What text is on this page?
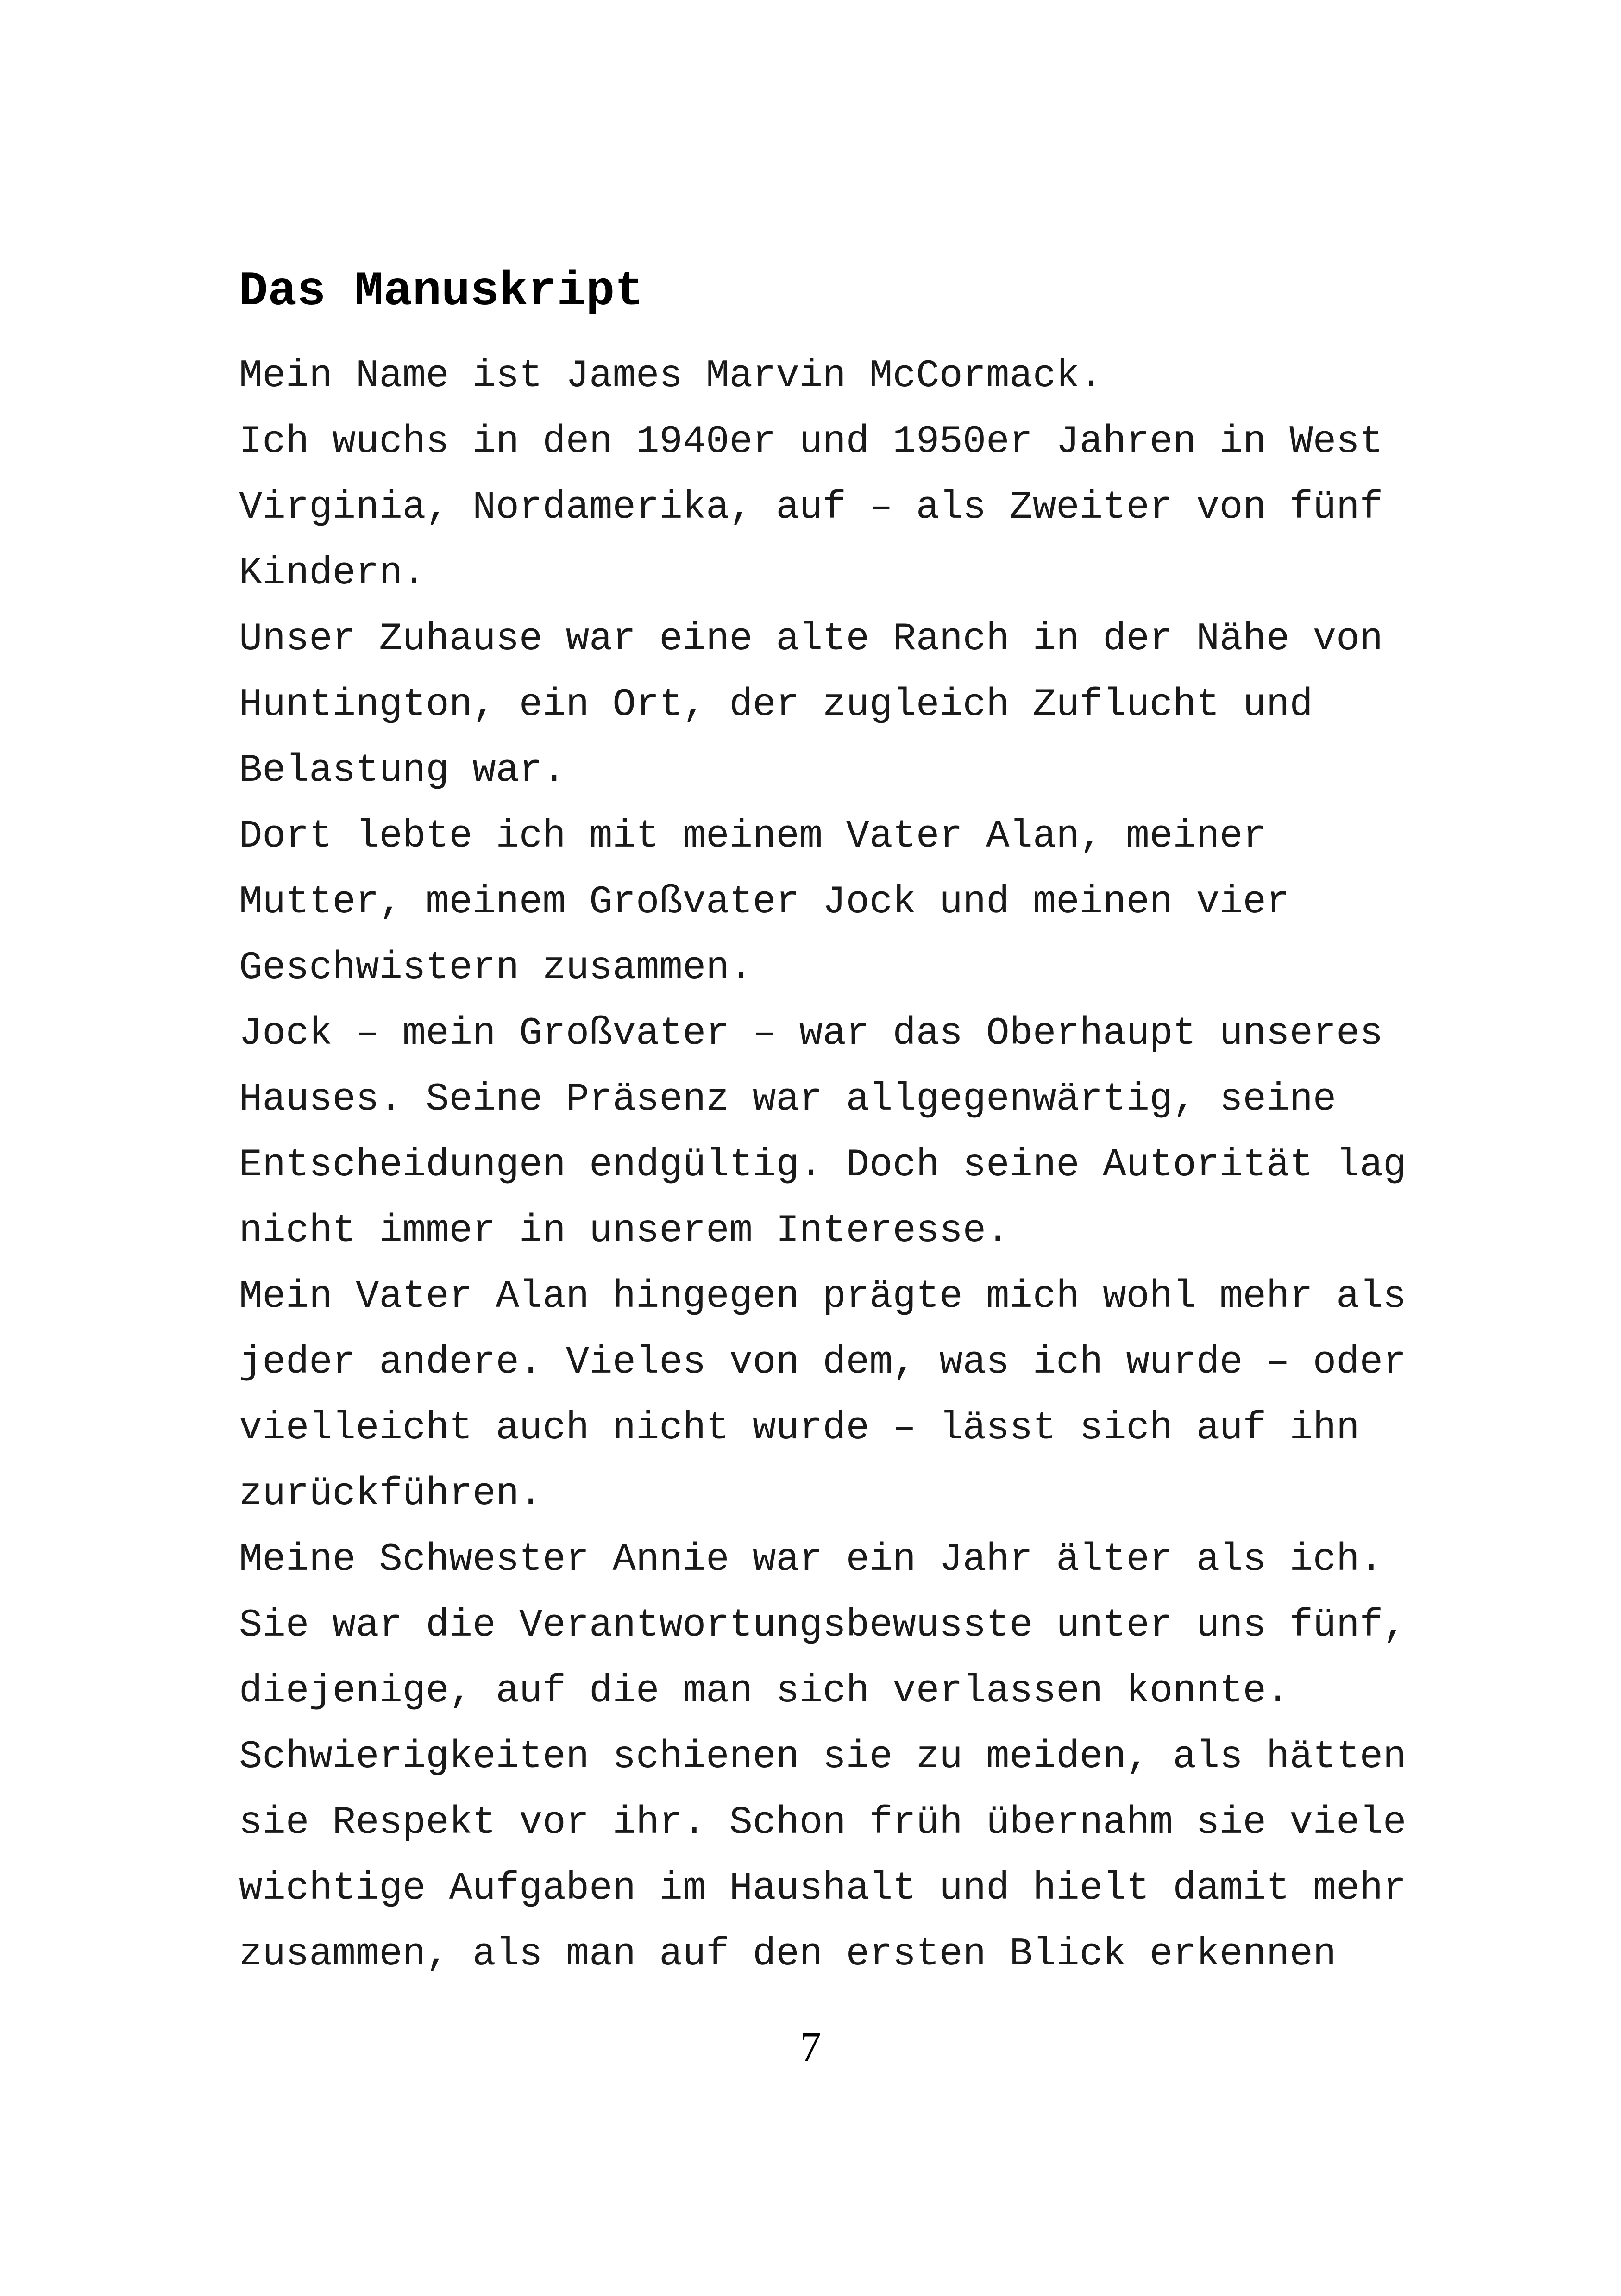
Das Manuskript
Mein Name ist James Marvin McCormack.
Ich wuchs in den 1940er und 1950er Jahren in West
Virginia, Nordamerika, auf – als Zweiter von fünf
Kindern.
Unser Zuhause war eine alte Ranch in der Nähe von
Huntington, ein Ort, der zugleich Zuflucht und
Belastung war.
Dort lebte ich mit meinem Vater Alan, meiner
Mutter, meinem Großvater Jock und meinen vier
Geschwistern zusammen.
Jock – mein Großvater – war das Oberhaupt unseres
Hauses. Seine Präsenz war allgegenwärtig, seine
Entscheidungen endgültig. Doch seine Autorität lag
nicht immer in unserem Interesse.
Mein Vater Alan hingegen prägte mich wohl mehr als
jeder andere. Vieles von dem, was ich wurde – oder
vielleicht auch nicht wurde – lässt sich auf ihn
zurückführen.
Meine Schwester Annie war ein Jahr älter als ich.
Sie war die Verantwortungsbewusste unter uns fünf,
diejenige, auf die man sich verlassen konnte.
Schwierigkeiten schienen sie zu meiden, als hätten
sie Respekt vor ihr. Schon früh übernahm sie viele
wichtige Aufgaben im Haushalt und hielt damit mehr
zusammen, als man auf den ersten Blick erkennen
7
